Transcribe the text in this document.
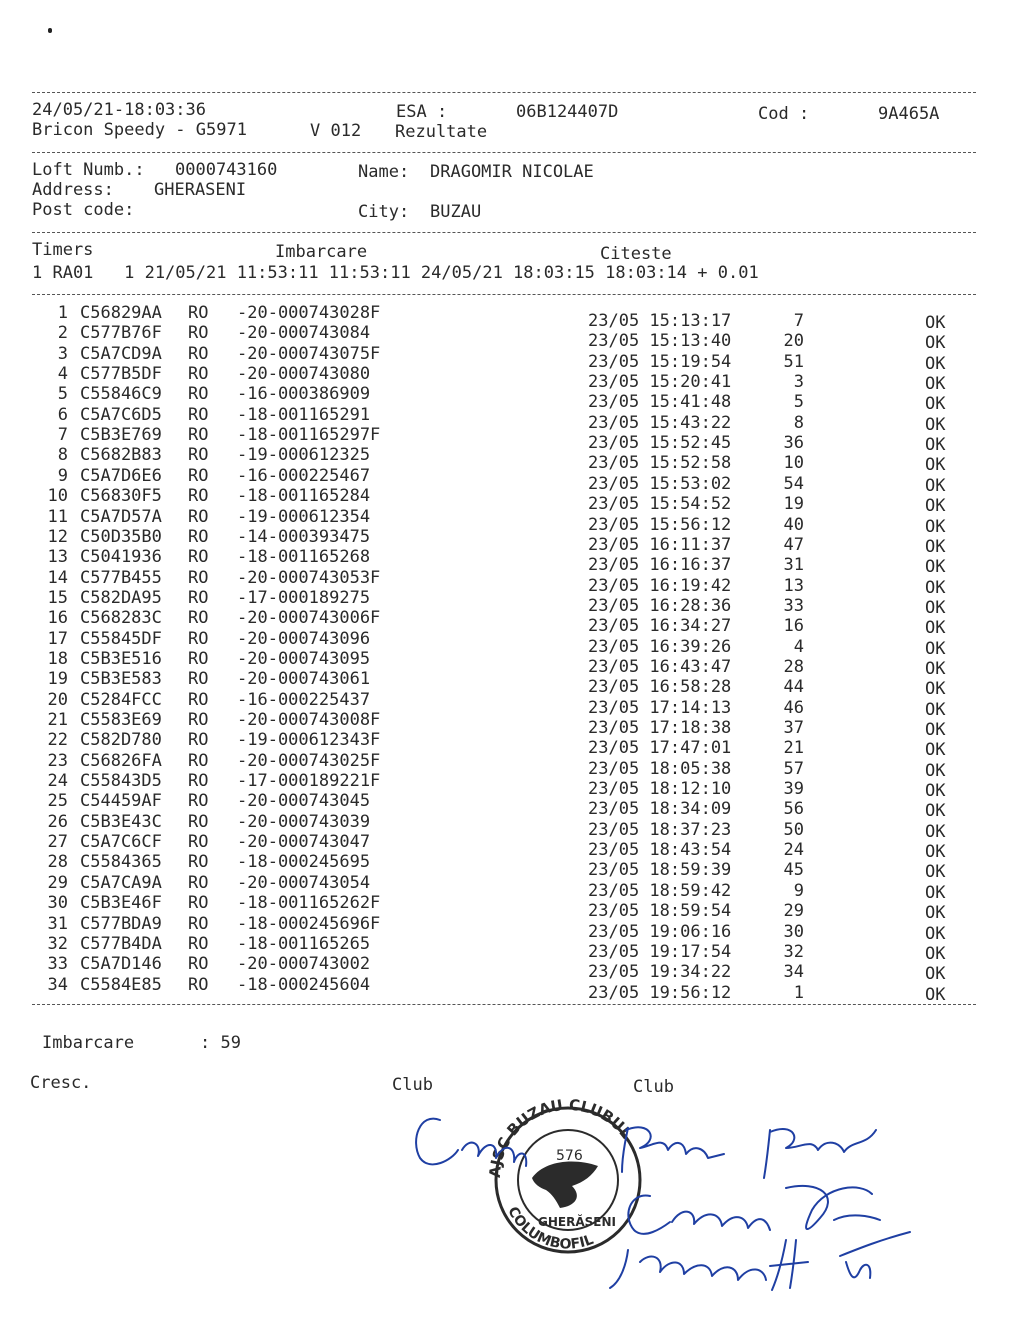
24/05/21-18:03:36	ESA :	06B124407D	Cod :	9A465A
Bricon Speedy - G5971	V 012 Rezultate
Loft Numb.: 0000743160	Name: DRAGOMIR NICOLAE
Address: GHERASENI
Post code:	City: BUZAU
Timers	Imbarcare	Citeste
1 RA01   1 21/05/21 11:53:11 11:53:11 24/05/21 18:03:15 18:03:14 + 0.01
1 C56829AA RO -20-000743028F	23/05 15:13:17	7	OK
2 C577B76F RO -20-000743084	23/05 15:13:40	20	OK
3 C5A7CD9A RO -20-000743075F	23/05 15:19:54	51	OK
4 C577B5DF RO -20-000743080	23/05 15:20:41	3	OK
5 C55846C9 RO -16-000386909	23/05 15:41:48	5	OK
6 C5A7C6D5 RO -18-001165291	23/05 15:43:22	8	OK
7 C5B3E769 RO -18-001165297F	23/05 15:52:45	36	OK
8 C5682B83 RO -19-000612325	23/05 15:52:58	10	OK
9 C5A7D6E6 RO -16-000225467	23/05 15:53:02	54	OK
10 C56830F5 RO -18-001165284	23/05 15:54:52	19	OK
11 C5A7D57A RO -19-000612354	23/05 15:56:12	40	OK
12 C50D35B0 RO -14-000393475	23/05 16:11:37	47	OK
13 C5041936 RO -18-001165268	23/05 16:16:37	31	OK
14 C577B455 RO -20-000743053F	23/05 16:19:42	13	OK
15 C582DA95 RO -17-000189275	23/05 16:28:36	33	OK
16 C568283C RO -20-000743006F	23/05 16:34:27	16	OK
17 C55845DF RO -20-000743096	23/05 16:39:26	4	OK
18 C5B3E516 RO -20-000743095	23/05 16:43:47	28	OK
19 C5B3E583 RO -20-000743061	23/05 16:58:28	44	OK
20 C5284FCC RO -16-000225437	23/05 17:14:13	46	OK
21 C5583E69 RO -20-000743008F	23/05 17:18:38	37	OK
22 C582D780 RO -19-000612343F	23/05 17:47:01	21	OK
23 C56826FA RO -20-000743025F	23/05 18:05:38	57	OK
24 C55843D5 RO -17-000189221F	23/05 18:12:10	39	OK
25 C54459AF RO -20-000743045	23/05 18:34:09	56	OK
26 C5B3E43C RO -20-000743039	23/05 18:37:23	50	OK
27 C5A7C6CF RO -20-000743047	23/05 18:43:54	24	OK
28 C5584365 RO -18-000245695	23/05 18:59:39	45	OK
29 C5A7CA9A RO -20-000743054	23/05 18:59:42	9	OK
30 C5B3E46F RO -18-001165262F	23/05 18:59:54	29	OK
31 C577BDA9 RO -18-000245696F	23/05 19:06:16	30	OK
32 C577B4DA RO -18-001165265	23/05 19:17:54	32	OK
33 C5A7D146 RO -20-000743002	23/05 19:34:22	34	OK
34 C5584E85 RO -18-000245604	23/05 19:56:12	1	OK
Imbarcare	: 59
Cresc.	Club	Club
AJSC BUZAU CLUBUL
COLUMBOFIL
576
GHERĂSENI
